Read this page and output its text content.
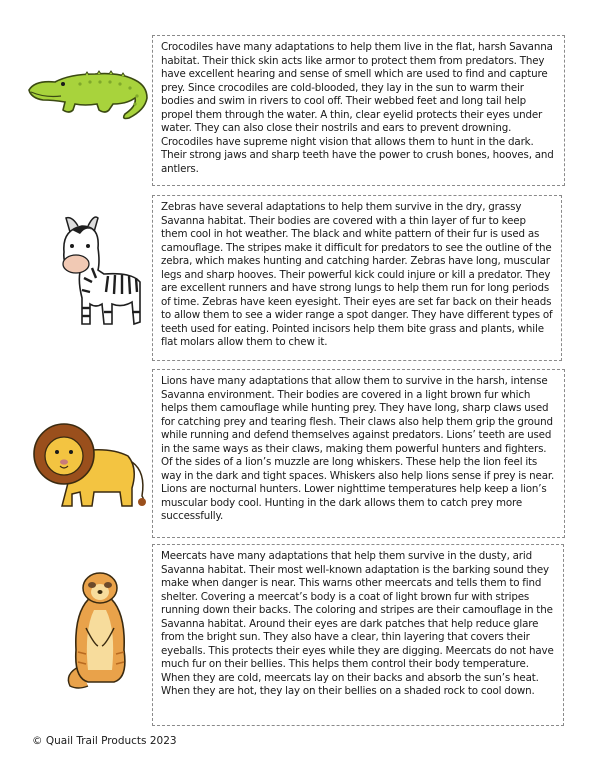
Crocodiles have many adaptations to help them live in the flat, harsh Savanna habitat. Their thick skin acts like armor to protect them from predators. They have excellent hearing and sense of smell which are used to find and capture prey. Since crocodiles are cold-blooded, they lay in the sun to warm their bodies and swim in rivers to cool off. Their webbed feet and long tail help propel them through the water. A thin, clear eyelid protects their eyes under water. They can also close their nostrils and ears to prevent drowning. Crocodiles have supreme night vision that allows them to hunt in the dark. Their strong jaws and sharp teeth have the power to crush bones, hooves, and antlers.

Zebras have several adaptations to help them survive in the dry, grassy Savanna habitat. Their bodies are covered with a thin layer of fur to keep them cool in hot weather. The black and white pattern of their fur is used as camouflage. The stripes make it difficult for predators to see the outline of the zebra, which makes hunting and catching harder. Zebras have long, muscular legs and sharp hooves. Their powerful kick could injure or kill a predator. They are excellent runners and have strong lungs to help them run for long periods of time. Zebras have keen eyesight. Their eyes are set far back on their heads to allow them to see a wider range a spot danger. They have different types of teeth used for eating. Pointed incisors help them bite grass and plants, while flat molars allow them to chew it.

Lions have many adaptations that allow them to survive in the harsh, intense Savanna environment. Their bodies are covered in a light brown fur which helps them camouflage while hunting prey. They have long, sharp claws used for catching prey and tearing flesh. Their claws also help them grip the ground while running and defend themselves against predators. Lions’ teeth are used in the same ways as their claws, making them powerful hunters and fighters. Of the sides of a lion’s muzzle are long whiskers. These help the lion feel its way in the dark and tight spaces. Whiskers also help lions sense if prey is near. Lions are nocturnal hunters. Lower nighttime temperatures help keep a lion’s muscular body cool. Hunting in the dark allows them to catch prey more successfully.

Meercats have many adaptations that help them survive in the dusty, arid Savanna habitat. Their most well-known adaptation is the barking sound they make when danger is near. This warns other meercats and tells them to find shelter. Covering a meercat’s body is a coat of light brown fur with stripes running down their backs. The coloring and stripes are their camouflage in the Savanna habitat. Around their eyes are dark patches that help reduce glare from the bright sun. They also have a clear, thin layering that covers their eyeballs. This protects their eyes while they are digging. Meercats do not have much fur on their bellies. This helps them control their body temperature. When they are cold, meercats lay on their backs and absorb the sun’s heat. When they are hot, they lay on their bellies on a shaded rock to cool down.

© Quail Trail Products 2023
